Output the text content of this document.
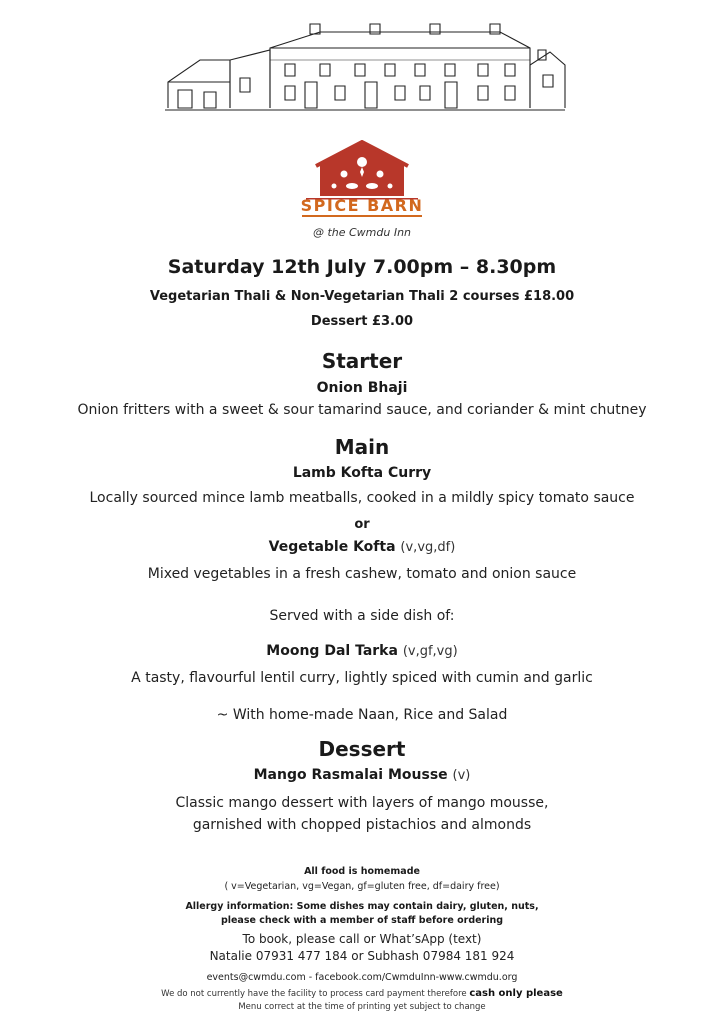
SPICE BARN
@ the Cwmdu Inn
Saturday 12th July 7.00pm – 8.30pm
Vegetarian Thali & Non-Vegetarian Thali 2 courses £18.00
Dessert £3.00
Starter
Onion Bhaji
Onion fritters with a sweet & sour tamarind sauce, and coriander & mint chutney
Main
Lamb Kofta Curry
Locally sourced mince lamb meatballs, cooked in a mildly spicy tomato sauce
or
Vegetable Kofta (v,vg,df)
Mixed vegetables in a fresh cashew, tomato and onion sauce
Served with a side dish of:
Moong Dal Tarka (v,gf,vg)
A tasty, flavourful lentil curry, lightly spiced with cumin and garlic
~ With home-made Naan, Rice and Salad
Dessert
Mango Rasmalai Mousse (v)
Classic mango dessert with layers of mango mousse,
garnished with chopped pistachios and almonds
All food is homemade
( v=Vegetarian, vg=Vegan, gf=gluten free, df=dairy free)
Allergy information: Some dishes may contain dairy, gluten, nuts,
please check with a member of staff before ordering
To book, please call or What’sApp (text)
Natalie 07931 477 184 or Subhash 07984 181 924
events@cwmdu.com - facebook.com/CwmduInn-www.cwmdu.org
We do not currently have the facility to process card payment therefore cash only please
Menu correct at the time of printing yet subject to change
